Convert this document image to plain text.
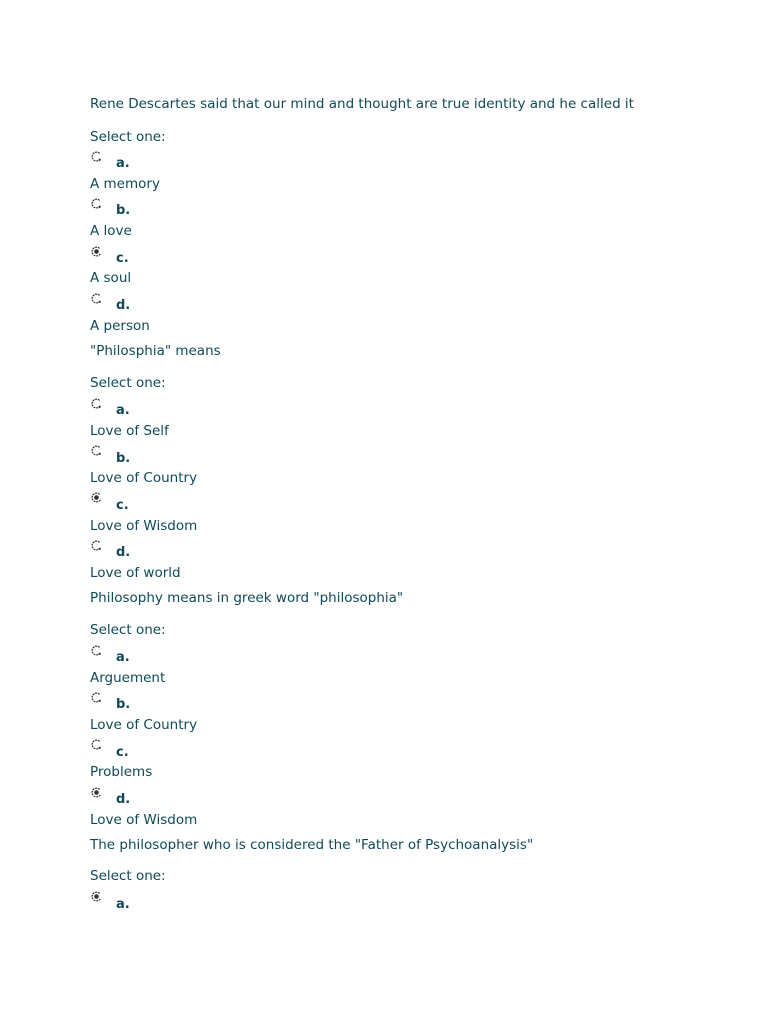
Rene Descartes said that our mind and thought are true identity and he called it
Select one:
a.
A memory
b.
A love
c.
A soul
d.
A person
"Philosphia" means
Select one:
a.
Love of Self
b.
Love of Country
c.
Love of Wisdom
d.
Love of world
Philosophy means in greek word "philosophia"
Select one:
a.
Arguement
b.
Love of Country
c.
Problems
d.
Love of Wisdom
The philosopher who is considered the "Father of Psychoanalysis"
Select one:
a.
